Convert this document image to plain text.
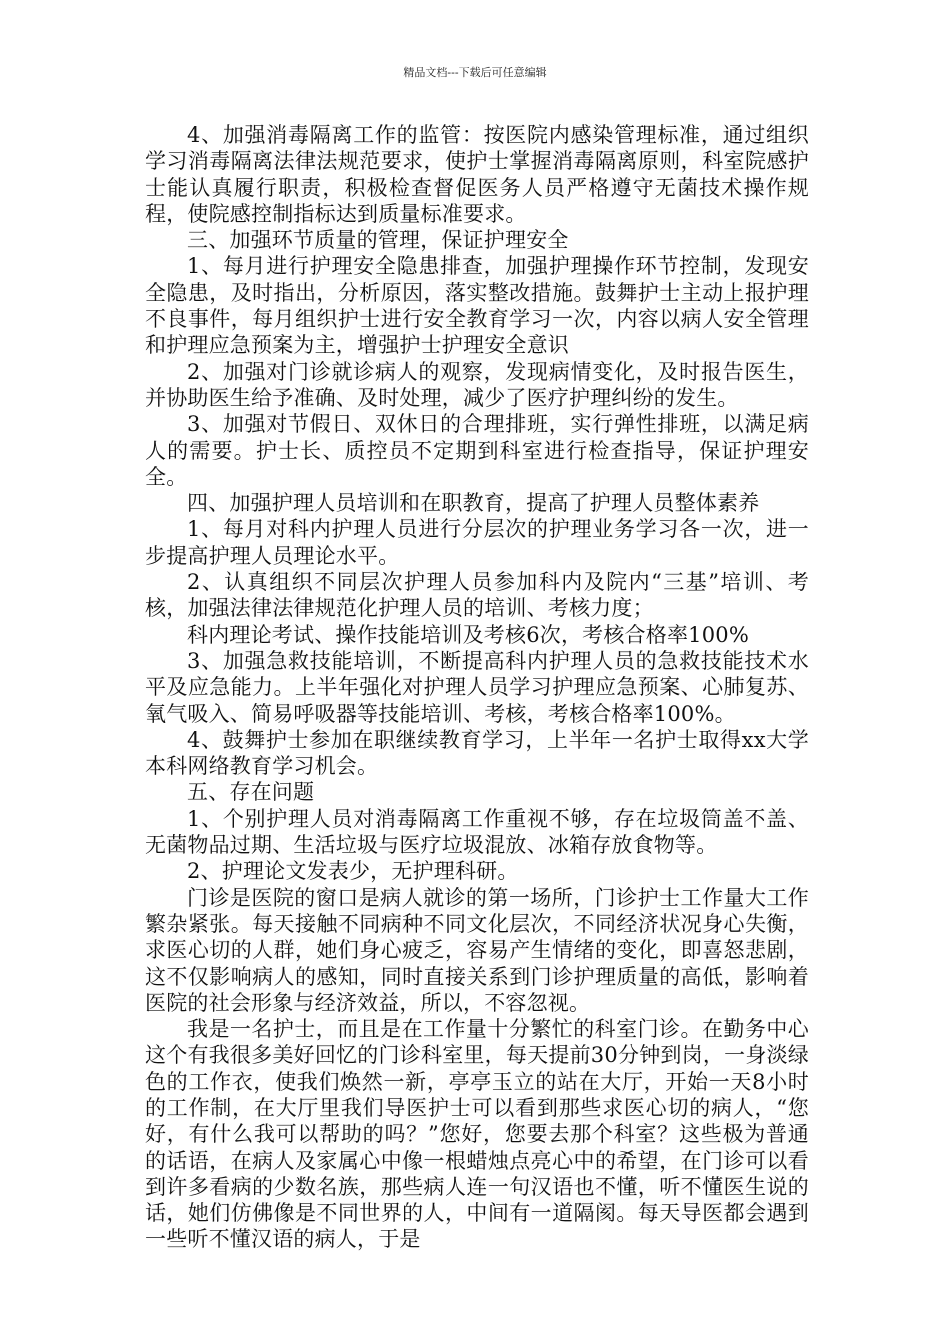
精品文档---下载后可任意编辑

4、加强消毒隔离工作的监管：按医院内感染管理标准，通过组织学习消毒隔离法律法规范要求，使护士掌握消毒隔离原则，科室院感护士能认真履行职责，积极检查督促医务人员严格遵守无菌技术操作规程，使院感控制指标达到质量标准要求。

三、加强环节质量的管理，保证护理安全

1、每月进行护理安全隐患排查，加强护理操作环节控制，发现安全隐患，及时指出，分析原因，落实整改措施。鼓舞护士主动上报护理不良事件，每月组织护士进行安全教育学习一次，内容以病人安全管理和护理应急预案为主，增强护士护理安全意识

2、加强对门诊就诊病人的观察，发现病情变化，及时报告医生，并协助医生给予准确、及时处理，减少了医疗护理纠纷的发生。

3、加强对节假日、双休日的合理排班，实行弹性排班，以满足病人的需要。护士长、质控员不定期到科室进行检查指导，保证护理安全。

四、加强护理人员培训和在职教育，提高了护理人员整体素养

1、每月对科内护理人员进行分层次的护理业务学习各一次，进一步提高护理人员理论水平。

2、认真组织不同层次护理人员参加科内及院内“三基”培训、考核，加强法律法律规范化护理人员的培训、考核力度；

科内理论考试、操作技能培训及考核6次，考核合格率100%

3、加强急救技能培训，不断提高科内护理人员的急救技能技术水平及应急能力。上半年强化对护理人员学习护理应急预案、心肺复苏、氧气吸入、简易呼吸器等技能培训、考核，考核合格率100%。

4、鼓舞护士参加在职继续教育学习，上半年一名护士取得xx大学本科网络教育学习机会。

五、存在问题

1、个别护理人员对消毒隔离工作重视不够，存在垃圾筒盖不盖、无菌物品过期、生活垃圾与医疗垃圾混放、冰箱存放食物等。

2、护理论文发表少，无护理科研。

门诊是医院的窗口是病人就诊的第一场所，门诊护士工作量大工作繁杂紧张。每天接触不同病种不同文化层次，不同经济状况身心失衡，求医心切的人群，她们身心疲乏，容易产生情绪的变化，即喜怒悲剧，这不仅影响病人的感知，同时直接关系到门诊护理质量的高低，影响着医院的社会形象与经济效益，所以，不容忽视。

我是一名护士，而且是在工作量十分繁忙的科室门诊。在勤务中心这个有我很多美好回忆的门诊科室里，每天提前30分钟到岗，一身淡绿色的工作衣，使我们焕然一新，亭亭玉立的站在大厅，开始一天8小时的工作制，在大厅里我们导医护士可以看到那些求医心切的病人，“您好，有什么我可以帮助的吗？”您好，您要去那个科室？这些极为普通的话语，在病人及家属心中像一根蜡烛点亮心中的希望，在门诊可以看到许多看病的少数名族，那些病人连一句汉语也不懂，听不懂医生说的话，她们仿佛像是不同世界的人，中间有一道隔阂。每天导医都会遇到一些听不懂汉语的病人，于是
